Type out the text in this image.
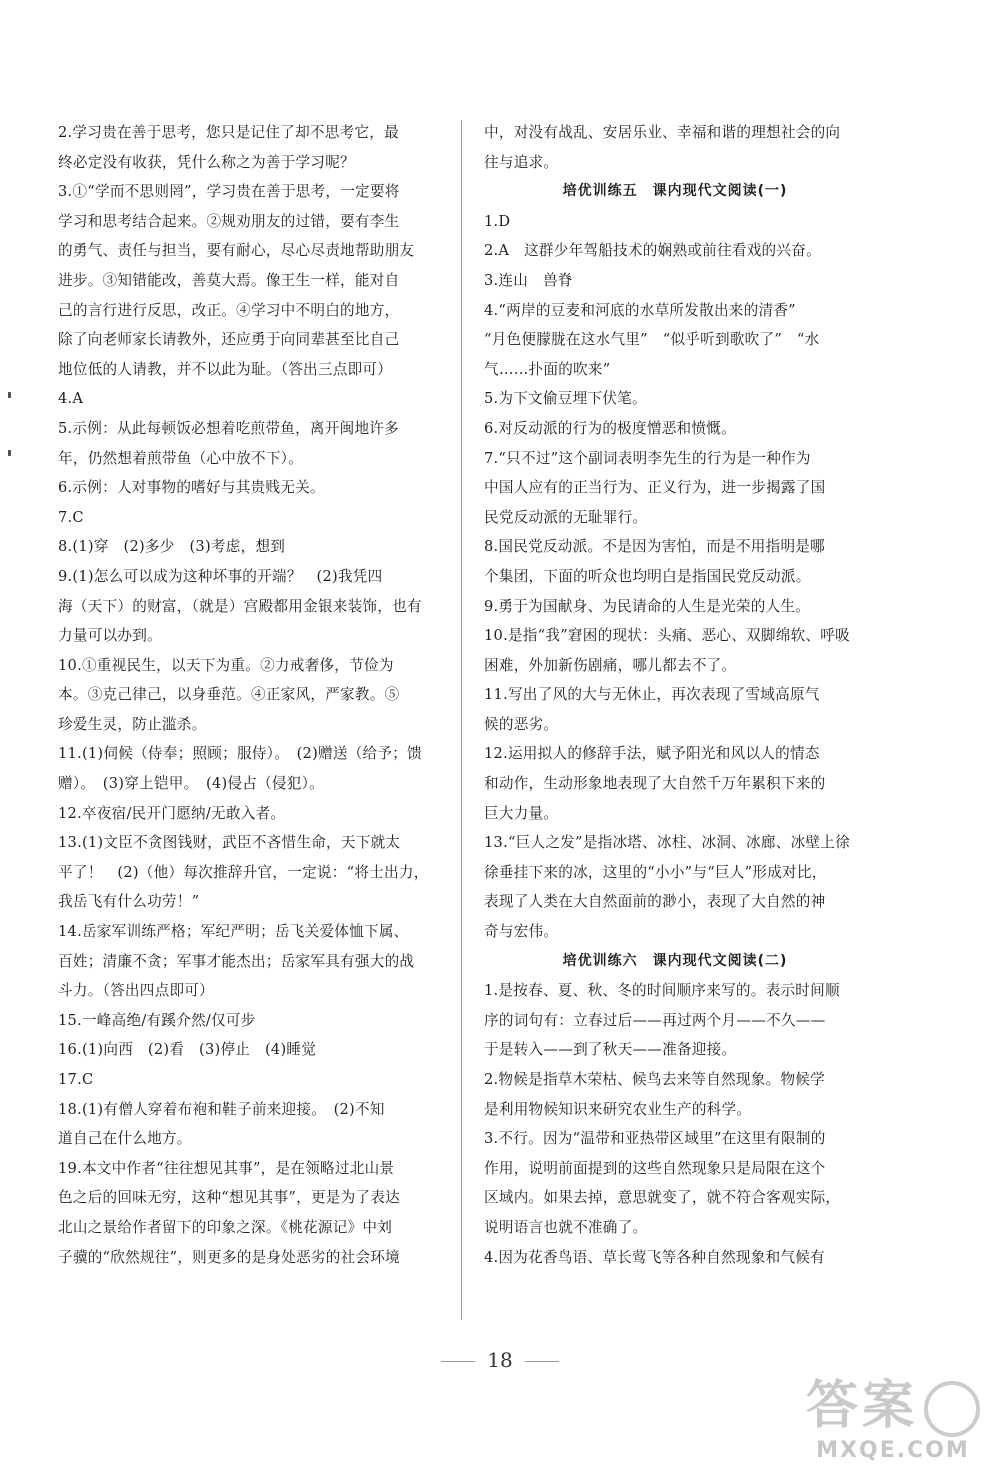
2.学习贵在善于思考，您只是记住了却不思考它，最
终必定没有收获，凭什么称之为善于学习呢？
3.①“学而不思则罔”，学习贵在善于思考，一定要将
学习和思考结合起来。②规劝朋友的过错，要有李生
的勇气、责任与担当，要有耐心，尽心尽责地帮助朋友
进步。③知错能改，善莫大焉。像王生一样，能对自
己的言行进行反思，改正。④学习中不明白的地方，
除了向老师家长请教外，还应勇于向同辈甚至比自己
地位低的人请教，并不以此为耻。（答出三点即可）
4.A
5.示例：从此每顿饭必想着吃煎带鱼，离开闽地许多
年，仍然想着煎带鱼（心中放不下）。
6.示例：人对事物的嗜好与其贵贱无关。
7.C
8.(1)穿　(2)多少　(3)考虑，想到
9.(1)怎么可以成为这种坏事的开端？　(2)我凭四
海（天下）的财富，（就是）宫殿都用金银来装饰，也有
力量可以办到。
10.①重视民生，以天下为重。②力戒奢侈，节俭为
本。③克己律己，以身垂范。④正家风，严家教。⑤
珍爱生灵，防止滥杀。
11.(1)伺候（侍奉；照顾；服侍）。　(2)赠送（给予；馈
赠）。　(3)穿上铠甲。　(4)侵占（侵犯）。
12.卒夜宿/民开门愿纳/无敢入者。
13.(1)文臣不贪图钱财，武臣不吝惜生命，天下就太
平了！　(2)（他）每次推辞升官，一定说：“将士出力，
我岳飞有什么功劳！”
14.岳家军训练严格；军纪严明；岳飞关爱体恤下属、
百姓；清廉不贪；军事才能杰出；岳家军具有强大的战
斗力。（答出四点即可）
15.一峰高绝/有蹊介然/仅可步
16.(1)向西　(2)看　(3)停止　(4)睡觉
17.C
18.(1)有僧人穿着布袍和鞋子前来迎接。　(2)不知
道自己在什么地方。
19.本文中作者“往往想见其事”，是在领略过北山景
色之后的回味无穷，这种“想见其事”，更是为了表达
北山之景给作者留下的印象之深。《桃花源记》中刘
子骥的“欣然规往”，则更多的是身处恶劣的社会环境
中，对没有战乱、安居乐业、幸福和谐的理想社会的向
往与追求。
培优训练五　课内现代文阅读(一)
1.D
2.A　这群少年驾船技术的娴熟或前往看戏的兴奋。
3.连山　兽脊
4.“两岸的豆麦和河底的水草所发散出来的清香”
“月色便朦胧在这水气里”　“似乎听到歌吹了”　“水
气……扑面的吹来”
5.为下文偷豆埋下伏笔。
6.对反动派的行为的极度憎恶和愤慨。
7.“只不过”这个副词表明李先生的行为是一种作为
中国人应有的正当行为、正义行为，进一步揭露了国
民党反动派的无耻罪行。
8.国民党反动派。不是因为害怕，而是不用指明是哪
个集团，下面的听众也均明白是指国民党反动派。
9.勇于为国献身、为民请命的人生是光荣的人生。
10.是指“我”窘困的现状：头痛、恶心、双脚绵软、呼吸
困难，外加新伤剧痛，哪儿都去不了。
11.写出了风的大与无休止，再次表现了雪域高原气
候的恶劣。
12.运用拟人的修辞手法，赋予阳光和风以人的情态
和动作，生动形象地表现了大自然千万年累积下来的
巨大力量。
13.“巨人之发”是指冰塔、冰柱、冰洞、冰廊、冰壁上徐
徐垂挂下来的冰，这里的“小小”与“巨人”形成对比，
表现了人类在大自然面前的渺小，表现了大自然的神
奇与宏伟。
培优训练六　课内现代文阅读(二)
1.是按春、夏、秋、冬的时间顺序来写的。表示时间顺
序的词句有：立春过后——再过两个月——不久——
于是转入——到了秋天——准备迎接。
2.物候是指草木荣枯、候鸟去来等自然现象。物候学
是利用物候知识来研究农业生产的科学。
3.不行。因为“温带和亚热带区域里”在这里有限制的
作用，说明前面提到的这些自然现象只是局限在这个
区域内。如果去掉，意思就变了，就不符合客观实际，
说明语言也就不准确了。
4.因为花香鸟语、草长莺飞等各种自然现象和气候有
18
答案
MXQE.COM
